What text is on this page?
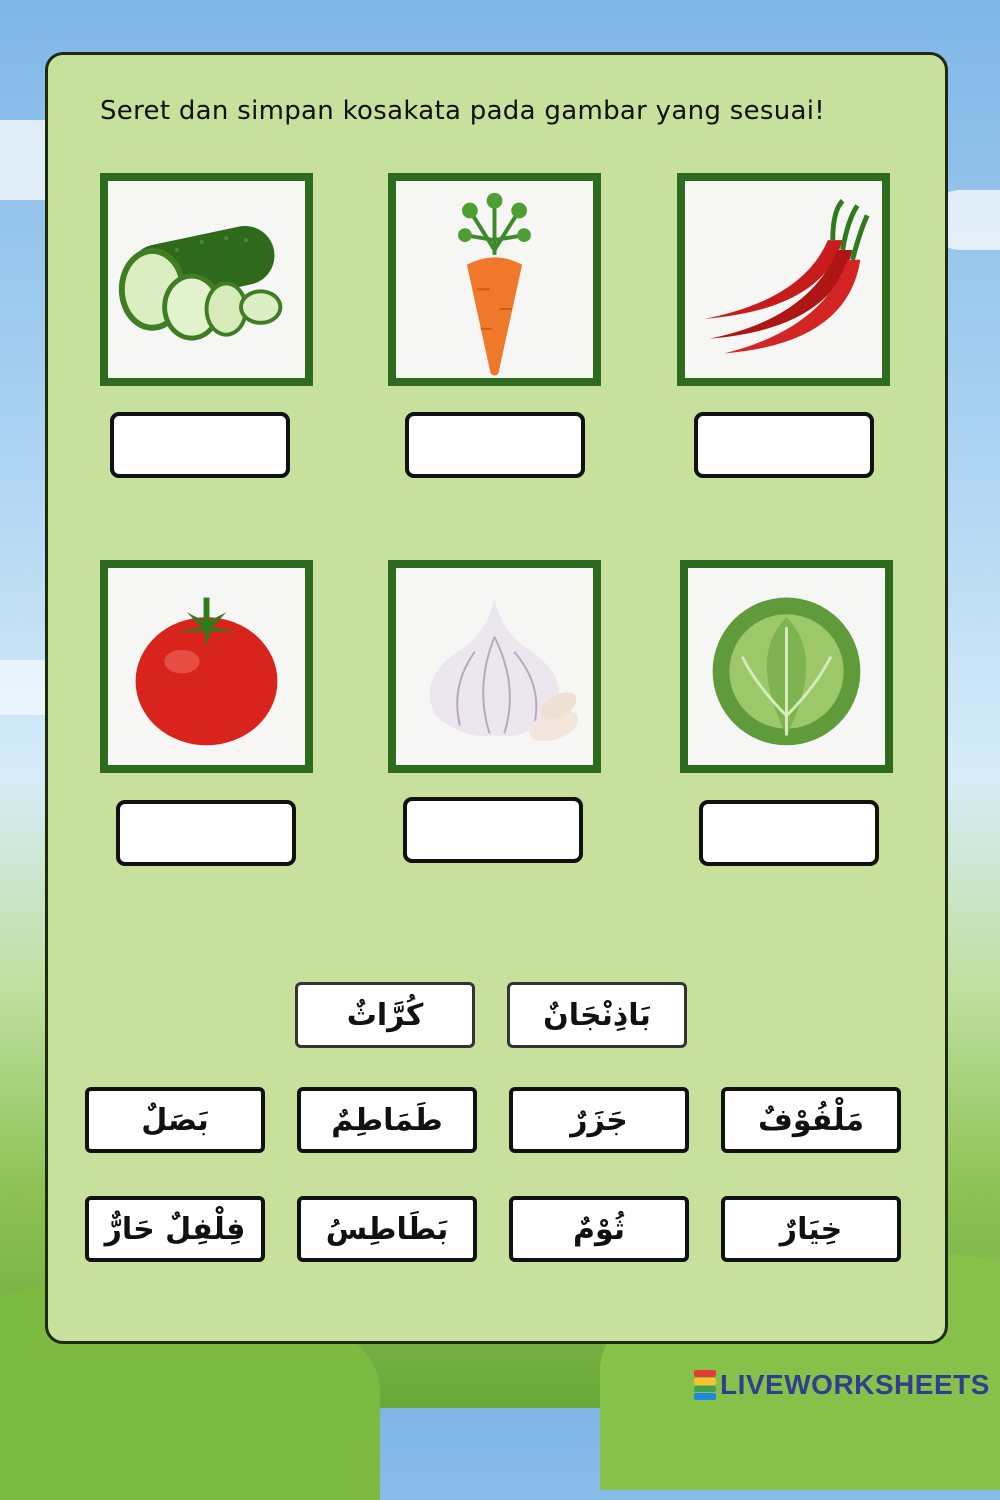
Seret dan simpan kosakata pada gambar yang sesuai!
بَاذِنْجَانٌ
كُرَّاثٌ
مَلْفُوْفٌ
جَزَرٌ
طَمَاطِمٌ
بَصَلٌ
خِيَارٌ
ثُوْمٌ
بَطَاطِسُ
فِلْفِلٌ حَارٌّ
LIVEWORKSHEETS
